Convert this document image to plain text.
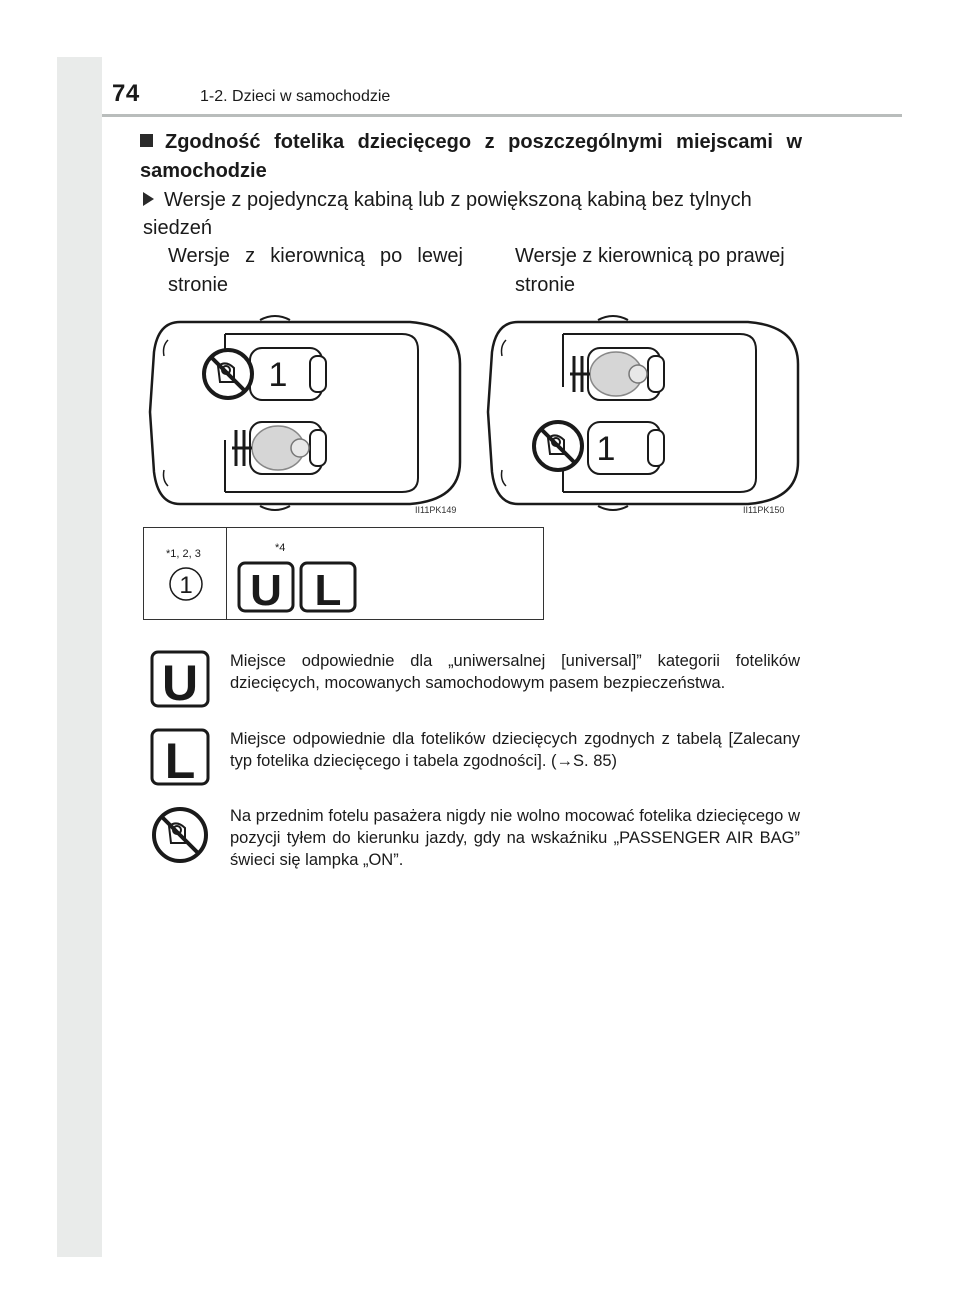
74	1-2. Dzieci w samochodzie
Zgodność fotelika dziecięcego z poszczególnymi miejscami w samochodzie
Wersje z pojedynczą kabiną lub z powiększoną kabiną bez tylnych siedzeń
Wersje z kierownicą po lewej stronie
Wersje z kierownicą po prawej stronie
1
II11PK149
1
II11PK150
*1, 2, 3
1
*4
U L
U Miejsce odpowiednie dla „uniwersalnej [universal]” kategorii fotelików dziecięcych, mocowanych samochodowym pasem bezpieczeństwa.
L Miejsce odpowiednie dla fotelików dziecięcych zgodnych z tabelą [Zalecany typ fotelika dziecięcego i tabela zgodności]. (→S. 85)
Na przednim fotelu pasażera nigdy nie wolno mocować fotelika dziecięcego w pozycji tyłem do kierunku jazdy, gdy na wskaźniku „PASSENGER AIR BAG” świeci się lampka „ON”.
